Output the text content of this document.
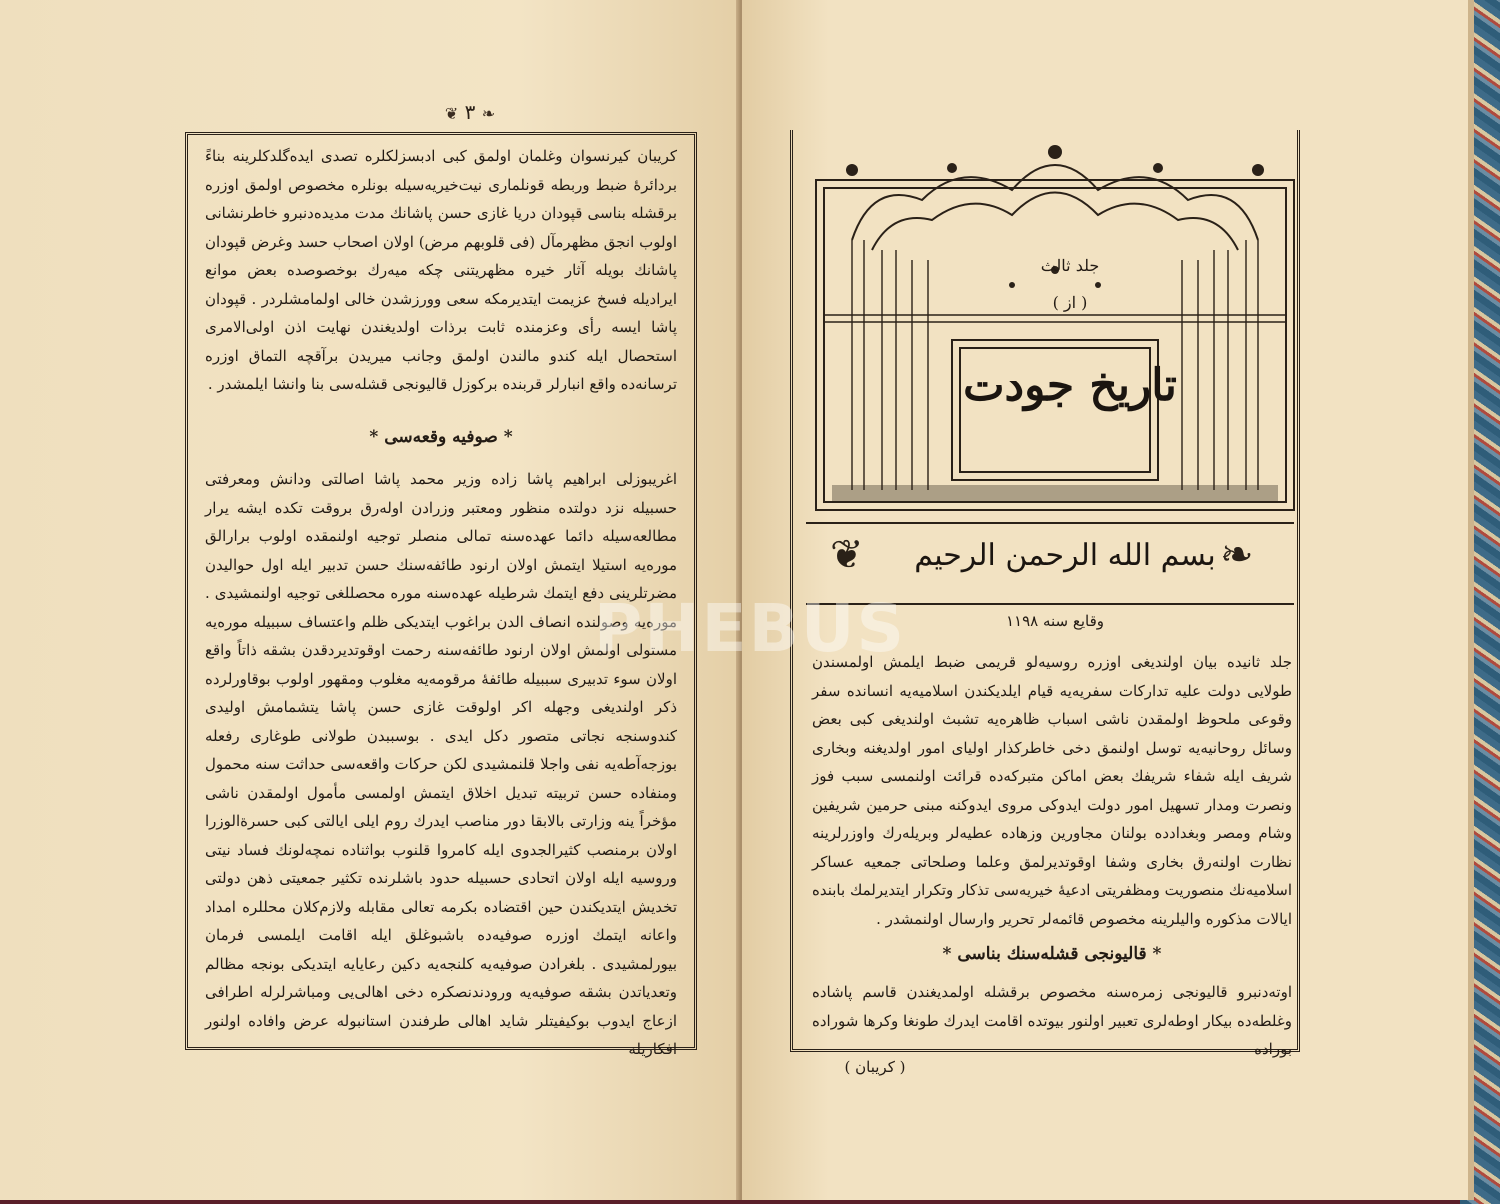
❦ ٣ ❧
کریبان کیرنسوان وغلمان اولمق کبی ادبسزلکلره تصدی ایده‌گلدکلرینه بناءً بردائرهٔ ضبط وربطه قونلماری نیت‌خیریه‌سیله بونلره مخصوص اولمق اوزره برقشله بناسی قپودان دریا غازی حسن پاشانك مدت مدیده‌دنبرو خاطرنشانی اولوب انجق مظهرمآل (فی قلوبهم مرض) اولان اصحاب حسد وغرض قپودان پاشانك بویله آثار خیره مظهریتنی چکه میه‌رك بوخصوصده بعض موانع ایرادیله فسخ عزیمت ایتدیرمکه سعی وورزشدن خالی اولمامشلردر . قپودان پاشا ایسه رأی وعزمنده ثابت برذات اولدیغندن نهایت اذن اولی‌الامری استحصال ایله کندو مالندن اولمق وجانب میریدن برآقچه التماق اوزره ترسانه‌ده واقع انبارلر قربنده برکوزل قالیونجی قشله‌سی بنا وانشا ایلمشدر .
* صوفیه وقعه‌سی *
اغریبوزلی ابراهیم پاشا زاده وزیر محمد پاشا اصالتی ودانش ومعرفتی حسبیله نزد دولتده منظور ومعتبر وزرادن اوله‌رق بروقت تکده ایشه یرار مطالعه‌سیله دائما عهده‌سنه تمالی منصلر توجیه اولنمقده اولوب برارالق موره‌یه استیلا ایتمش اولان ارنود طائفه‌سنك حسن تدبیر ایله اول حوالیدن مضرتلرینی دفع ایتمك شرطیله عهده‌سنه موره محصللغی توجیه اولنمشیدی . موره‌یه وصولنده انصاف الدن براغوب ایتدیکی ظلم واعتساف سببیله موره‌یه مستولی اولمش اولان ارنود طائفه‌سنه رحمت اوقوتدیردقدن بشقه ذاتاً واقع اولان سوء تدبیری سببیله طائفهٔ مرقومه‌یه مغلوب ومقهور اولوب بوقاورلرده ذکر اولندیغی وجهله اکر اولوقت غازی حسن پاشا یتشمامش اولیدی کندوسنجه نجاتی متصور دکل ایدی . بوسببدن طولانی طوغاری رفعله بوزجه‌آطه‌یه نفی واجلا قلنمشیدی لکن حرکات واقعه‌سی حداثت سنه محمول ومنفاده حسن تربیته تبدیل اخلاق ایتمش اولمسی مأمول اولمقدن ناشی مؤخراً ینه وزارتی بالابقا دور مناصب ایدرك روم ایلی ایالتی کبی حسرة‌الوزرا اولان برمنصب کثیرالجدوی ایله کامروا قلنوب بواثناده نمچه‌لونك فساد نیتی وروسیه ایله اولان اتحادی حسبیله حدود باشلرنده تکثیر جمعیتی ذهن دولتی تخدیش ایتدیکندن حین اقتضاده بکرمه تعالی مقابله ولازم‌کلان محللره امداد واعانه ایتمك اوزره صوفیه‌ده باشبوغلق ایله اقامت ایلمسی فرمان بیورلمشیدی . بلغرادن صوفیه‌یه کلنجه‌یه دکین رعایایه ایتدیکی بونجه مظالم وتعدیاتدن بشقه صوفیه‌یه ورودندنصکره دخی اهالی‌یی ومباشرلرله اطرافی ازعاج ایدوب بوکیفیتلر شاید اهالی طرفندن استانبوله عرض وافاده اولنور افکاریله
جلد ثالث
( از )
تاریخ جودت
بسم الله الرحمن الرحیم
❦	❧
وقایع سنه ١١٩٨
جلد ثانیده بیان اولندیغی اوزره روسیه‌لو قریمی ضبط ایلمش اولمسندن طولایی دولت علیه تدارکات سفریه‌یه قیام ایلدیکندن اسلامیه‌یه انسانده سفر وقوعی ملحوظ اولمقدن ناشی اسباب ظاهره‌یه تشبث اولندیغی کبی بعض وسائل روحانیه‌یه توسل اولنمق دخی خاطرکذار اولیای امور اولدیغنه وبخاری شریف ایله شفاء شریفك بعض اماکن متبرکه‌ده قرائت اولنمسی سبب فوز ونصرت ومدار تسهیل امور دولت ایدوکی مروی ایدوکنه مبنی حرمین شریفین وشام ومصر وبغدادده بولنان مجاورین وزهاده عطیه‌لر وبریله‌رك واوزرلرینه نظارت اولنه‌رق بخاری وشفا اوقوتدیرلمق وعلما وصلحاتی جمعیه عساکر اسلامیه‌نك منصوریت ومظفریتی ادعیهٔ خیریه‌سی تذکار وتکرار ایتدیرلمك بابنده ایالات مذکوره والیلرینه مخصوص قائمه‌لر تحریر وارسال اولنمشدر .
* قالیونجی قشله‌سنك بناسی *
اوته‌دنبرو قالیونجی زمره‌سنه مخصوص برقشله اولمدیغندن قاسم پاشاده وغلطه‌ده بیکار اوطه‌لری تعبیر اولنور بیوتده اقامت ایدرك طونغا وکرها شوراده بوراده
( کریبان )
PHEBUS
